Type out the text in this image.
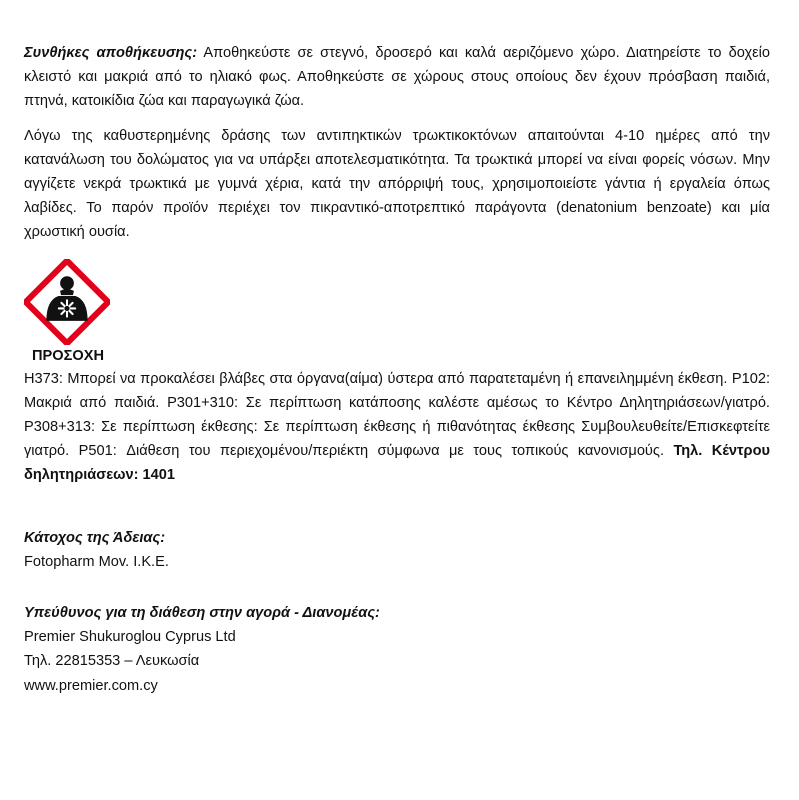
Συνθήκες αποθήκευσης: Αποθηκεύστε σε στεγνό, δροσερό και καλά αεριζόμενο χώρο. Διατηρείστε το δοχείο κλειστό και μακριά από το ηλιακό φως. Αποθηκεύστε σε χώρους στους οποίους δεν έχουν πρόσβαση παιδιά, πτηνά, κατοικίδια ζώα και παραγωγικά ζώα.

Λόγω της καθυστερημένης δράσης των αντιπηκτικών τρωκτικοκτόνων απαιτούνται 4-10 ημέρες από την κατανάλωση του δολώματος για να υπάρξει αποτελεσματικότητα. Τα τρωκτικά μπορεί να είναι φορείς νόσων. Μην αγγίζετε νεκρά τρωκτικά με γυμνά χέρια, κατά την απόρριψή τους, χρησιμοποιείστε γάντια ή εργαλεία όπως λαβίδες. Το παρόν προϊόν περιέχει τον πικραντικό-αποτρεπτικό παράγοντα (denatonium benzoate) και μία χρωστική ουσία.

ΠΡΟΣΟΧΗ

H373: Μπορεί να προκαλέσει βλάβες στα όργανα(αίμα) ύστερα από παρατεταμένη ή επανειλημμένη έκθεση. P102: Μακριά από παιδιά. P301+310: Σε περίπτωση κατάποσης καλέστε αμέσως το Κέντρο Δηλητηριάσεων/γιατρό. P308+313: Σε περίπτωση έκθεσης: Σε περίπτωση έκθεσης ή πιθανότητας έκθεσης Συμβουλευθείτε/Επισκεφτείτε γιατρό. P501: Διάθεση του περιεχομένου/περιέκτη σύμφωνα με τους τοπικούς κανονισμούς. Τηλ. Κέντρου δηλητηριάσεων: 1401

Κάτοχος της Άδειας:
Fotopharm Mov. I.K.E.
Υπεύθυνος για τη διάθεση στην αγορά - Διανομέας:
Premier Shukuroglou Cyprus Ltd
Τηλ. 22815353 – Λευκωσία
www.premier.com.cy
